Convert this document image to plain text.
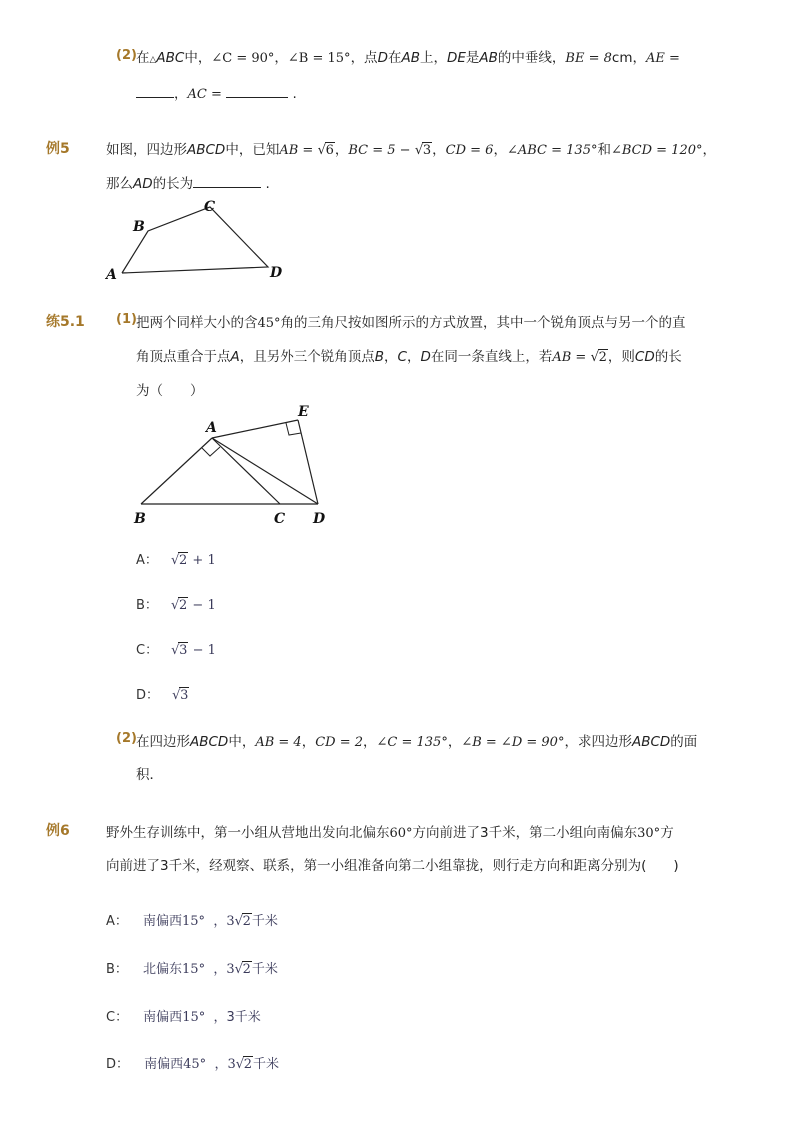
(2) 在△ABC中，∠C = 90°，∠B = 15°，点D在AB上，DE是AB的中垂线，BE = 8cm，AE =
，AC =	.
例5	如图，四边形ABCD中，已知AB = √ 6，BC = 5 − √ 3，CD = 6，∠ABC = 135°和∠BCD = 120°，
那么AD的长为	.
A
B
C
D
练5.1 (1) 把两个同样大小的含45°角的三角尺按如图所示的方式放置，其中一个锐角顶点与另一个的直
角顶点重合于点A，且另外三个锐角顶点B，C，D在同一条直线上，若AB = √ 2，则CD的长
为（　　）
A
E
B	C D
A： √ 2 + 1
B： √ 2 − 1
C： √ 3 − 1
D： √ 3
(2) 在四边形ABCD中，AB = 4，CD = 2，∠C = 135°，∠B = ∠D = 90°，求四边形ABCD的面
积．
例6	野外生存训练中，第一小组从营地出发向北偏东60°方向前进了3千米，第二小组向南偏东30°方
向前进了3千米，经观察、联系，第一小组准备向第二小组靠拢，则行走方向和距离分别为(　　)
A： 南偏西15° ，3 √ 2千米
B： 北偏东15° ，3 √ 2千米
C： 南偏西15° ，3千米
D： 南偏西45° ，3 √ 2千米
